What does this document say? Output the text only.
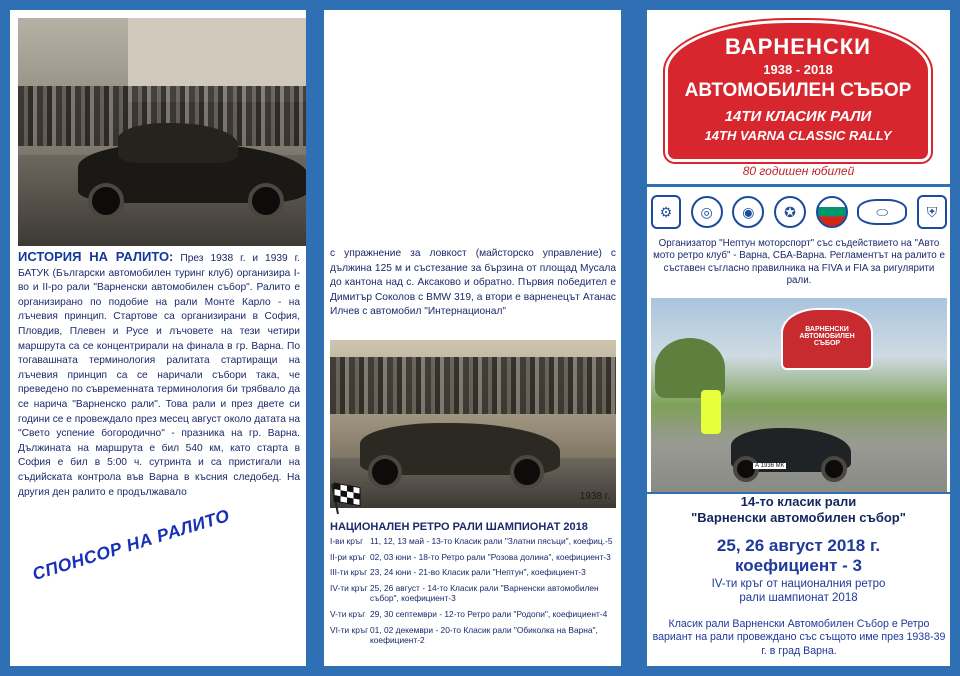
ИСТОРИЯ НА РАЛИТО: През 1938 г. и 1939 г. БАТУК (Български автомобилен туринг клуб) организира I-во и II-ро рали "Варненски автомобилен събор". Ралито е организирано по подобие на рали Монте Карло - на лъчевия принцип. Стартове са организирани в София, Пловдив, Плевен и Русе и лъчовете на тези четири маршрута са се концентрирали на финала в гр. Варна. По тогавашната терминология ралитата стартиращи на лъчевия принцип са се наричали събори така, че преведено по съвременната терминология би трябвало да се нарича "Варненско рали". Това рали и през двете си години се е провеждало през месец август около датата на "Свето успение богородично" - празника на гр. Варна. Дължината на маршрута е бил 540 км, като старта в София е бил в 5:00 ч. сутринта и са пристигали на съдийската контрола във Варна в късния следобед. На другия ден ралито е продължавало
СПОНСОР НА РАЛИТО
с упражнение за ловкост (майсторско управление) с дължина 125 м и състезание за бързина от площад Мусала до кантона над с. Аксаково и обратно. Първия победител е Димитър Соколов с BMW 319, а втори е варненецът Атанас Илчев с автомобил "Интернационал"
1938 г.
НАЦИОНАЛЕН РЕТРО РАЛИ ШАМПИОНАТ 2018
I-ви кръг 11, 12, 13 май - 13-то Класик рали "Златни пясъци", коефиц.-5
II-ри кръг 02, 03 юни - 18-то Ретро рали "Розова долина", коефициент-3
III-ти кръг 23, 24 юни - 21-во Класик рали "Нептун", коефициент-3
IV-ти кръг 25, 26 август - 14-то Класик рали "Варненски автомобилен събор", коефициент-3
V-ти кръг 29, 30 септември - 12-то Ретро рали "Родопи", коефициент-4
VI-ти кръг 01, 02 декември - 20-то Класик рали "Обиколка на Варна", коефициент-2
ВАРНЕНСКИ
1938 - 2018
АВТОМОБИЛЕН СЪБОР
14ТИ КЛАСИК РАЛИ
14TH VARNA CLASSIC RALLY
80 годишен юбилей
⚙	◎	◉	✪	⬭	⛨
Организатор "Нептун моторспорт" със съдействието на "Авто мото ретро клуб" - Варна, СБА-Варна. Регламентът на ралито е съставен съгласно правилника на FIVA и FIA за ригулярити рали.
ВАРНЕНСКИ АВТОМОБИЛЕН СЪБОР
А 1936 МК
14-то класик рали
"Варненски автомобилен събор"
25, 26 август 2018 г.
коефициент - 3
IV-ти кръг от националния ретро рали шампионат 2018
Класик рали Варненски Автомобилен Събор е Ретро вариант на рали провеждано със същото име през 1938-39 г. в град Варна.
